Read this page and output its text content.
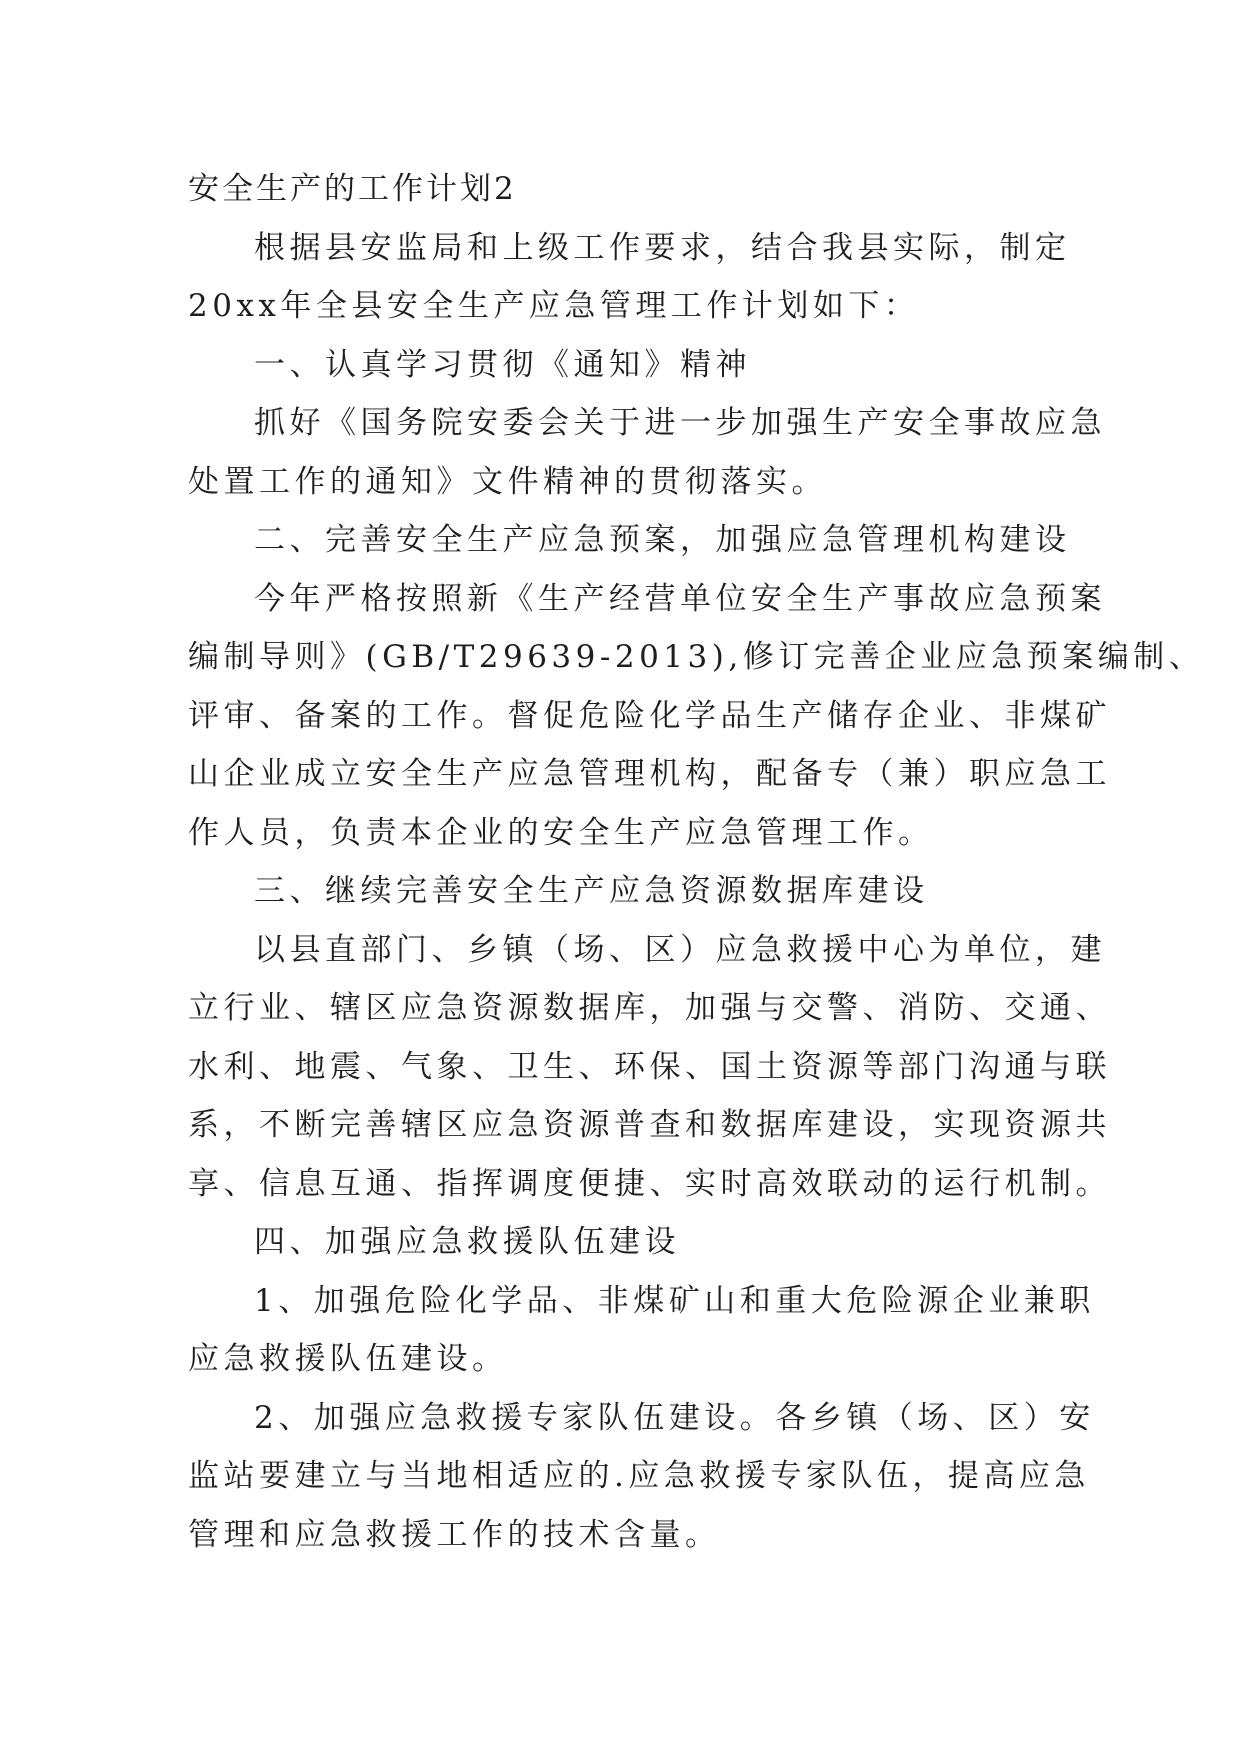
安全生产的工作计划2
根据县安监局和上级工作要求，结合我县实际，制定
20xx年全县安全生产应急管理工作计划如下：
一、认真学习贯彻《通知》精神
抓好《国务院安委会关于进一步加强生产安全事故应急
处置工作的通知》文件精神的贯彻落实。
二、完善安全生产应急预案，加强应急管理机构建设
今年严格按照新《生产经营单位安全生产事故应急预案
编制导则》(GB/T29639-2013),修订完善企业应急预案编制、
评审、备案的工作。督促危险化学品生产储存企业、非煤矿
山企业成立安全生产应急管理机构，配备专（兼）职应急工
作人员，负责本企业的安全生产应急管理工作。
三、继续完善安全生产应急资源数据库建设
以县直部门、乡镇（场、区）应急救援中心为单位，建
立行业、辖区应急资源数据库，加强与交警、消防、交通、
水利、地震、气象、卫生、环保、国土资源等部门沟通与联
系，不断完善辖区应急资源普查和数据库建设，实现资源共
享、信息互通、指挥调度便捷、实时高效联动的运行机制。
四、加强应急救援队伍建设
1、加强危险化学品、非煤矿山和重大危险源企业兼职
应急救援队伍建设。
2、加强应急救援专家队伍建设。各乡镇（场、区）安
监站要建立与当地相适应的.应急救援专家队伍，提高应急
管理和应急救援工作的技术含量。
